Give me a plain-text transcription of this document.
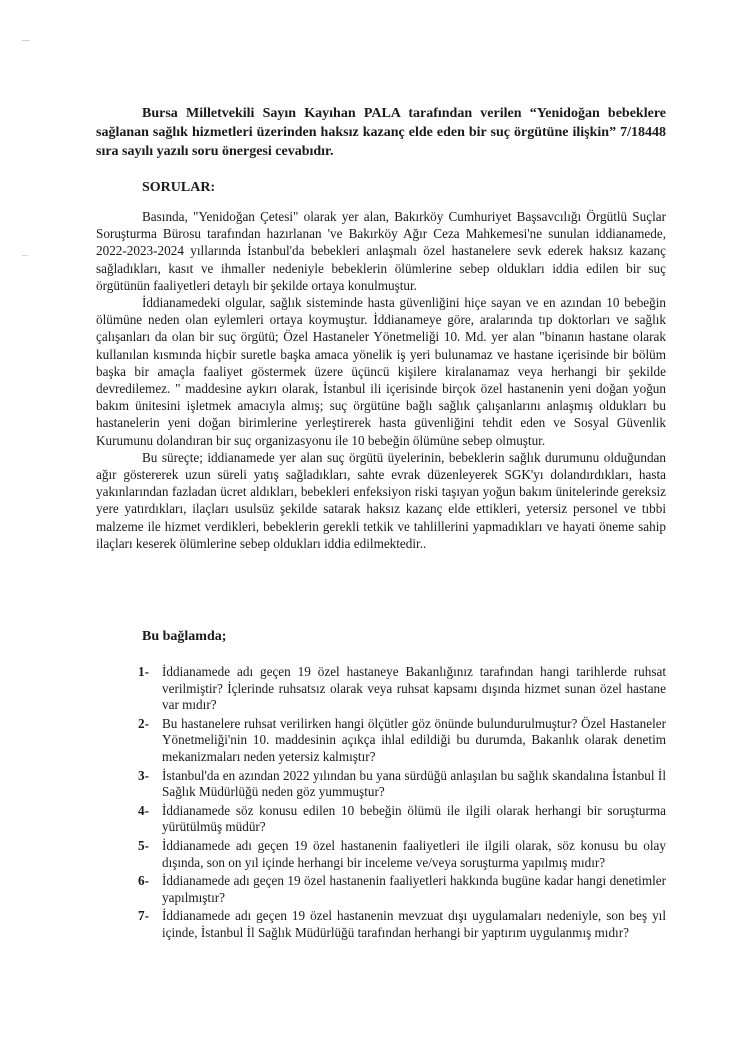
Bursa Milletvekili Sayın Kayıhan PALA tarafından verilen “Yenidoğan bebeklere sağlanan sağlık hizmetleri üzerinden haksız kazanç elde eden bir suç örgütüne ilişkin” 7/18448 sıra sayılı yazılı soru önergesi cevabıdır.
SORULAR:

Basında, "Yenidoğan Çetesi" olarak yer alan, Bakırköy Cumhuriyet Başsavcılığı Örgütlü Suçlar Soruşturma Bürosu tarafından hazırlanan 've Bakırköy Ağır Ceza Mahkemesi'ne sunulan iddianamede, 2022-2023-2024 yıllarında İstanbul'da bebekleri anlaşmalı özel hastanelere sevk ederek haksız kazanç sağladıkları, kasıt ve ihmaller nedeniyle bebeklerin ölümlerine sebep oldukları iddia edilen bir suç örgütünün faaliyetleri detaylı bir şekilde ortaya konulmuştur.

İddianamedeki olgular, sağlık sisteminde hasta güvenliğini hiçe sayan ve en azından 10 bebeğin ölümüne neden olan eylemleri ortaya koymuştur. İddianameye göre, aralarında tıp doktorları ve sağlık çalışanları da olan bir suç örgütü; Özel Hastaneler Yönetmeliği 10. Md. yer alan "binanın hastane olarak kullanılan kısmında hiçbir suretle başka amaca yönelik iş yeri bulunamaz ve hastane içerisinde bir bölüm başka bir amaçla faaliyet göstermek üzere üçüncü kişilere kiralanamaz veya herhangi bir şekilde devredilemez. " maddesine aykırı olarak, İstanbul ili içerisinde birçok özel hastanenin yeni doğan yoğun bakım ünitesini işletmek amacıyla almış; suç örgütüne bağlı sağlık çalışanlarını anlaşmış oldukları bu hastanelerin yeni doğan birimlerine yerleştirerek hasta güvenliğini tehdit eden ve Sosyal Güvenlik Kurumunu dolandıran bir suç organizasyonu ile 10 bebeğin ölümüne sebep olmuştur.

Bu süreçte; iddianamede yer alan suç örgütü üyelerinin, bebeklerin sağlık durumunu olduğundan ağır göstererek uzun süreli yatış sağladıkları, sahte evrak düzenleyerek SGK'yı dolandırdıkları, hasta yakınlarından fazladan ücret aldıkları, bebekleri enfeksiyon riski taşıyan yoğun bakım ünitelerinde gereksiz yere yatırdıkları, ilaçları usulsüz şekilde satarak haksız kazanç elde ettikleri, yetersiz personel ve tıbbi malzeme ile hizmet verdikleri, bebeklerin gerekli tetkik ve tahlillerini yapmadıkları ve hayati öneme sahip ilaçları keserek ölümlerine sebep oldukları iddia edilmektedir..

Bu bağlamda;
1- İddianamede adı geçen 19 özel hastaneye Bakanlığınız tarafından hangi tarihlerde ruhsat verilmiştir? İçlerinde ruhsatsız olarak veya ruhsat kapsamı dışında hizmet sunan özel hastane var mıdır?
2- Bu hastanelere ruhsat verilirken hangi ölçütler göz önünde bulundurulmuştur? Özel Hastaneler Yönetmeliği'nin 10. maddesinin açıkça ihlal edildiği bu durumda, Bakanlık olarak denetim mekanizmaları neden yetersiz kalmıştır?
3- İstanbul'da en azından 2022 yılından bu yana sürdüğü anlaşılan bu sağlık skandalına İstanbul İl Sağlık Müdürlüğü neden göz yummuştur?
4- İddianamede söz konusu edilen 10 bebeğin ölümü ile ilgili olarak herhangi bir soruşturma yürütülmüş müdür?
5- İddianamede adı geçen 19 özel hastanenin faaliyetleri ile ilgili olarak, söz konusu bu olay dışında, son on yıl içinde herhangi bir inceleme ve/veya soruşturma yapılmış mıdır?
6- İddianamede adı geçen 19 özel hastanenin faaliyetleri hakkında bugüne kadar hangi denetimler yapılmıştır?
7- İddianamede adı geçen 19 özel hastanenin mevzuat dışı uygulamaları nedeniyle, son beş yıl içinde, İstanbul İl Sağlık Müdürlüğü tarafından herhangi bir yaptırım uygulanmış mıdır?
